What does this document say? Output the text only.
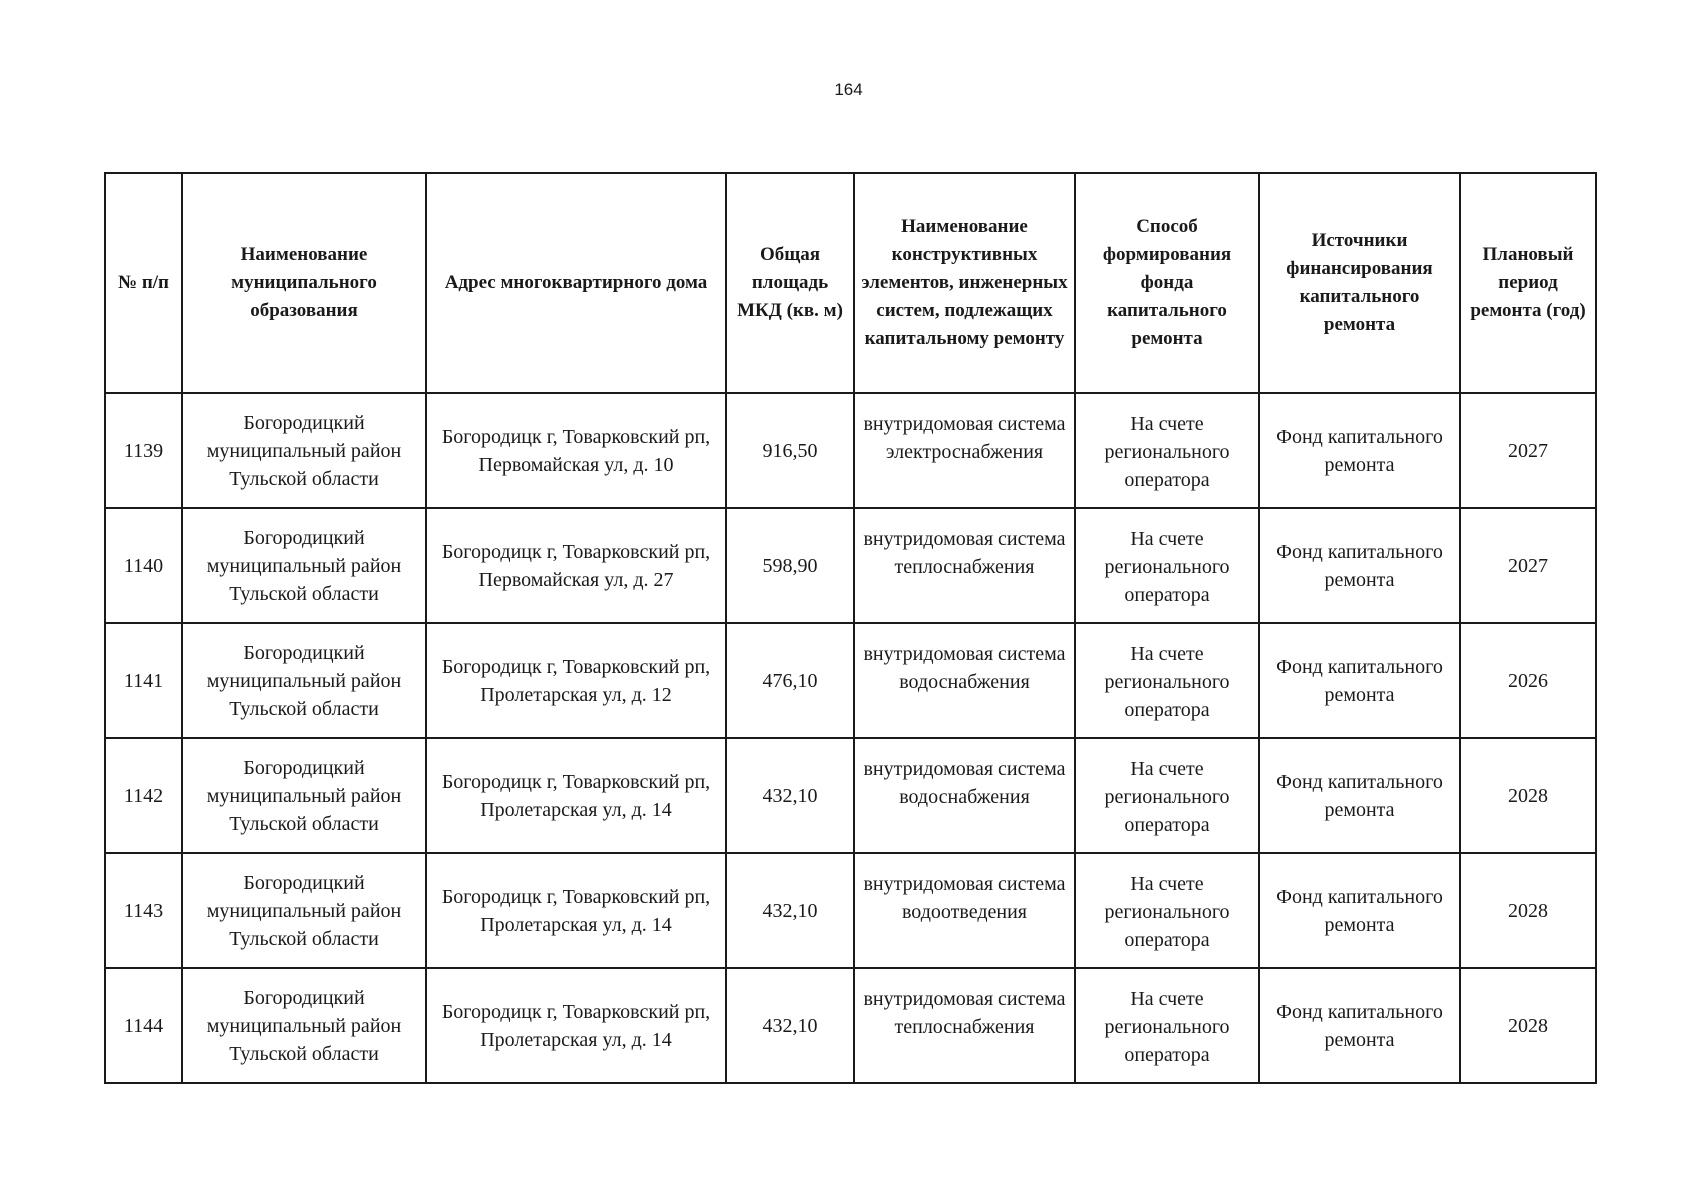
164
№ п/п	Наименование муниципального образования	Адрес многоквартирного дома	Общая площадь МКД (кв. м)	Наименование конструктивных элементов, инженерных систем, подлежащих капитальному ремонту	Способ формирования фонда капитального ремонта	Источники финансирования капитального ремонта	Плановый период ремонта (год)
1139	Богородицкий муниципальный район Тульской области	Богородицк г, Товарковский рп, Первомайская ул, д. 10	916,50	внутридомовая система электроснабжения	На счете регионального оператора	Фонд капитального ремонта	2027
1140	Богородицкий муниципальный район Тульской области	Богородицк г, Товарковский рп, Первомайская ул, д. 27	598,90	внутридомовая система теплоснабжения	На счете регионального оператора	Фонд капитального ремонта	2027
1141	Богородицкий муниципальный район Тульской области	Богородицк г, Товарковский рп, Пролетарская ул, д. 12	476,10	внутридомовая система водоснабжения	На счете регионального оператора	Фонд капитального ремонта	2026
1142	Богородицкий муниципальный район Тульской области	Богородицк г, Товарковский рп, Пролетарская ул, д. 14	432,10	внутридомовая система водоснабжения	На счете регионального оператора	Фонд капитального ремонта	2028
1143	Богородицкий муниципальный район Тульской области	Богородицк г, Товарковский рп, Пролетарская ул, д. 14	432,10	внутридомовая система водоотведения	На счете регионального оператора	Фонд капитального ремонта	2028
1144	Богородицкий муниципальный район Тульской области	Богородицк г, Товарковский рп, Пролетарская ул, д. 14	432,10	внутридомовая система теплоснабжения	На счете регионального оператора	Фонд капитального ремонта	2028
